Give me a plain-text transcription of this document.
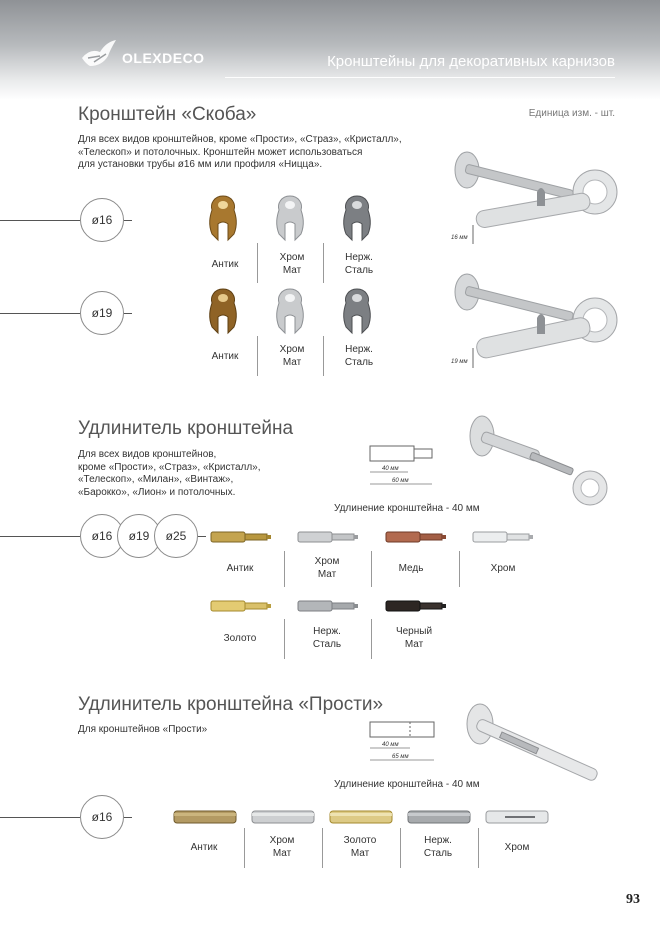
OLEXDECO	Кронштейны для декоративных карнизов
Единица изм. - шт.
Кронштейн «Скоба»
Для всех видов кронштейнов, кроме «Прости», «Страз», «Кристалл»,
«Телескоп» и потолочных. Кронштейн может использоваться
для установки трубы ø16 мм или профиля «Ницца».
ø16
Антик
Хром
Мат
Нерж.
Сталь
ø19
Антик
Хром
Мат
Нерж.
Сталь
16 мм
19 мм
Удлинитель кронштейна
Для всех видов кронштейнов,
кроме «Прости», «Страз», «Кристалл»,
«Телескоп», «Милан», «Винтаж»,
«Барокко», «Лион» и потолочных.
40 мм
60 мм
Удлинение кронштейна - 40 мм
ø16	ø19	ø25
Антик
Хром
Мат
Медь	Хром
Золото
Нерж.
Сталь
Черный
Мат
Удлинитель кронштейна «Прости»
Для кронштейнов «Прости»
40 мм
65 мм
Удлинение кронштейна - 40 мм
ø16
Антик
Хром
Мат
Золото
Мат
Нерж.
Сталь
Хром
93
